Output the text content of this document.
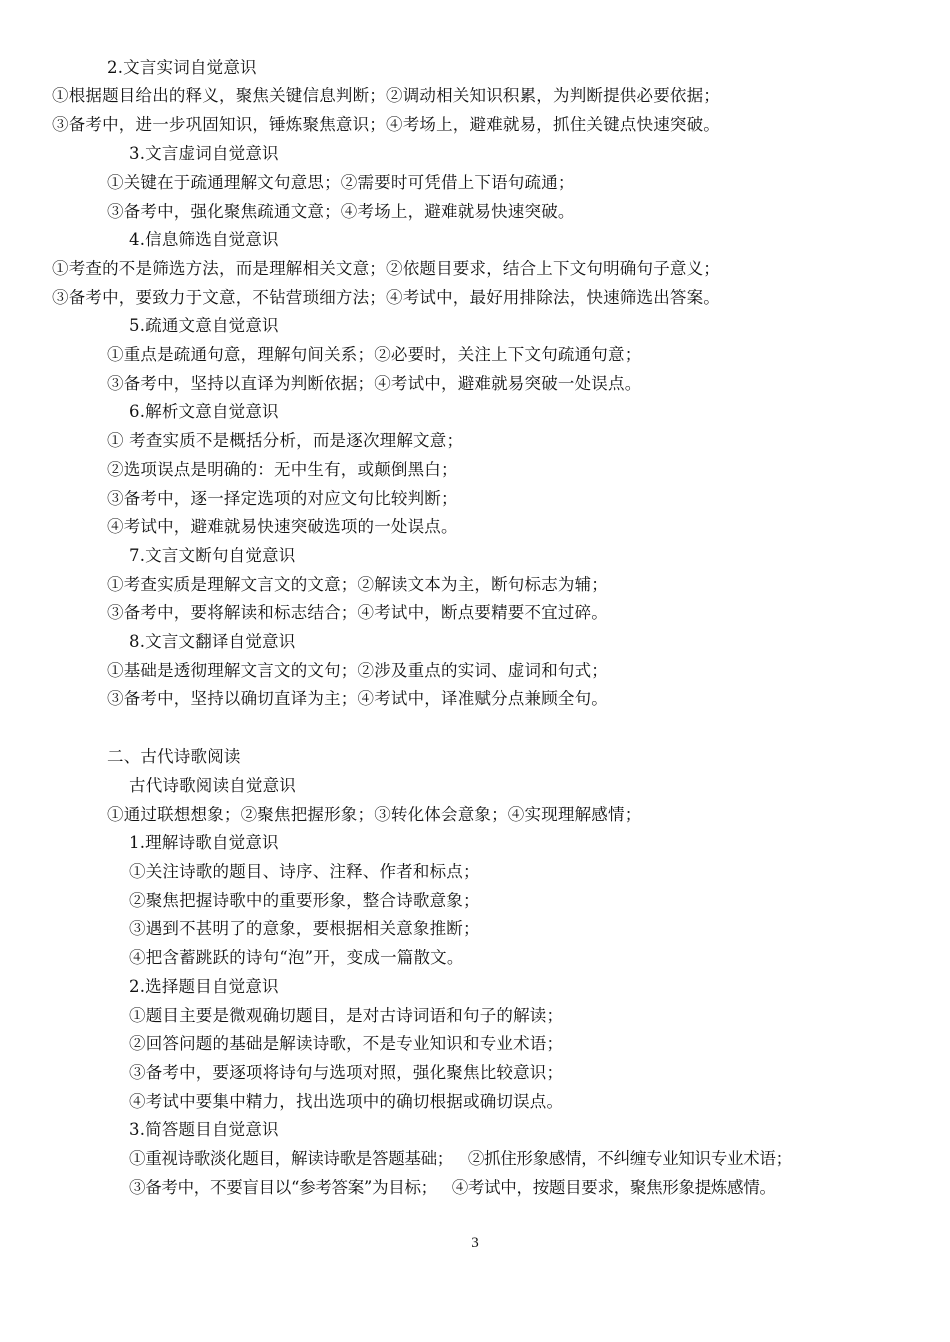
2.文言实词自觉意识
①根据题目给出的释义，聚焦关键信息判断；②调动相关知识积累，为判断提供必要依据；
③备考中，进一步巩固知识，锤炼聚焦意识；④考场上，避难就易，抓住关键点快速突破。
3.文言虚词自觉意识
①关键在于疏通理解文句意思；②需要时可凭借上下语句疏通；
③备考中，强化聚焦疏通文意；④考场上，避难就易快速突破。
4.信息筛选自觉意识
①考查的不是筛选方法，而是理解相关文意；②依题目要求，结合上下文句明确句子意义；
③备考中，要致力于文意，不钻营琐细方法；④考试中，最好用排除法，快速筛选出答案。
5.疏通文意自觉意识
①重点是疏通句意，理解句间关系；②必要时，关注上下文句疏通句意；
③备考中，坚持以直译为判断依据；④考试中，避难就易突破一处误点。
6.解析文意自觉意识
① 考查实质不是概括分析，而是逐次理解文意；
②选项误点是明确的：无中生有，或颠倒黑白；
③备考中，逐一择定选项的对应文句比较判断；
④考试中，避难就易快速突破选项的一处误点。
7.文言文断句自觉意识
①考查实质是理解文言文的文意；②解读文本为主，断句标志为辅；
③备考中，要将解读和标志结合；④考试中，断点要精要不宜过碎。
8.文言文翻译自觉意识
①基础是透彻理解文言文的文句；②涉及重点的实词、虚词和句式；
③备考中，坚持以确切直译为主；④考试中，译准赋分点兼顾全句。
二、古代诗歌阅读
古代诗歌阅读自觉意识
①通过联想想象；②聚焦把握形象；③转化体会意象；④实现理解感情；
1.理解诗歌自觉意识
①关注诗歌的题目、诗序、注释、作者和标点；
②聚焦把握诗歌中的重要形象，整合诗歌意象；
③遇到不甚明了的意象，要根据相关意象推断；
④把含蓄跳跃的诗句“泡”开，变成一篇散文。
2.选择题目自觉意识
①题目主要是微观确切题目，是对古诗词语和句子的解读；
②回答问题的基础是解读诗歌，不是专业知识和专业术语；
③备考中，要逐项将诗句与选项对照，强化聚焦比较意识；
④考试中要集中精力，找出选项中的确切根据或确切误点。
3.简答题目自觉意识
①重视诗歌淡化题目，解读诗歌是答题基础；   ②抓住形象感情，不纠缠专业知识专业术语；
③备考中，不要盲目以“参考答案”为目标；   ④考试中，按题目要求，聚焦形象提炼感情。
3
